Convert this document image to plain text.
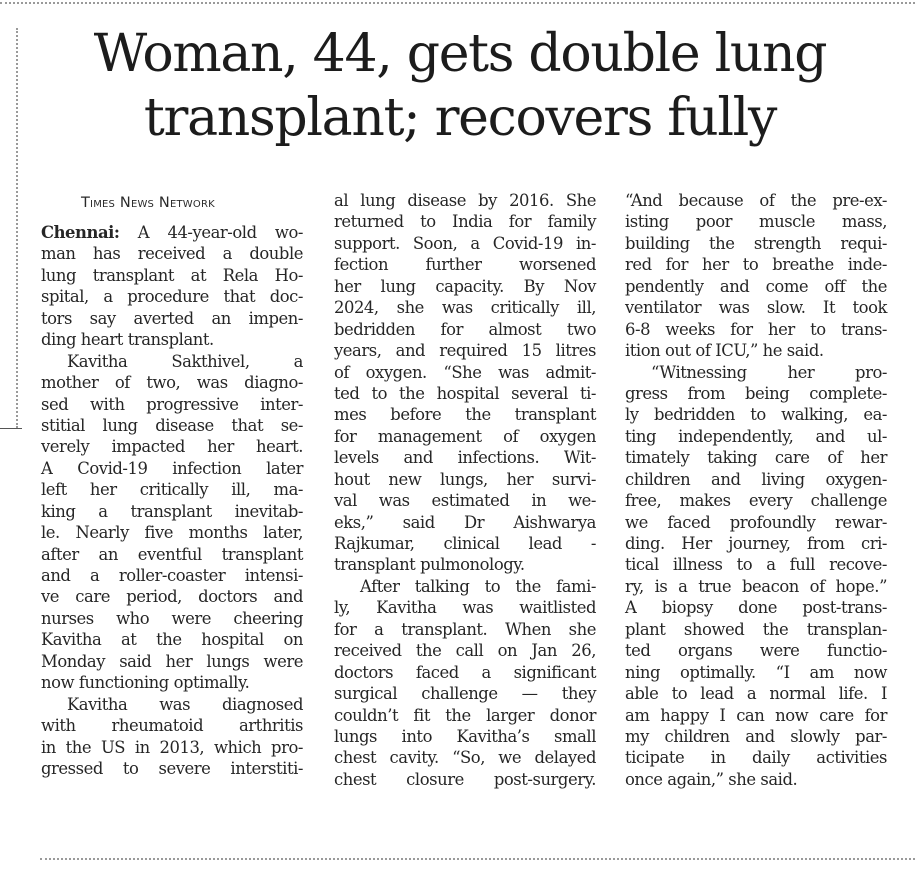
Woman, 44, gets double lung transplant; recovers fully
Times News Network
Chennai: A 44-year-old wo-
man has received a double
lung transplant at Rela Ho-
spital, a procedure that doc-
tors say averted an impen-
ding heart transplant.
Kavitha Sakthivel, a
mother of two, was diagno-
sed with progressive inter-
stitial lung disease that se-
verely impacted her heart.
A Covid-19 infection later
left her critically ill, ma-
king a transplant inevitab-
le. Nearly five months later,
after an eventful transplant
and a roller-coaster intensi-
ve care period, doctors and
nurses who were cheering
Kavitha at the hospital on
Monday said her lungs were
now functioning optimally.
Kavitha was diagnosed
with rheumatoid arthritis
in the US in 2013, which pro-
gressed to severe interstiti-
al lung disease by 2016. She
returned to India for family
support. Soon, a Covid-19 in-
fection further worsened
her lung capacity. By Nov
2024, she was critically ill,
bedridden for almost two
years, and required 15 litres
of oxygen. “She was admit-
ted to the hospital several ti-
mes before the transplant
for management of oxygen
levels and infections. Wit-
hout new lungs, her survi-
val was estimated in we-
eks,” said Dr Aishwarya
Rajkumar, clinical lead -
transplant pulmonology.
After talking to the fami-
ly, Kavitha was waitlisted
for a transplant. When she
received the call on Jan 26,
doctors faced a significant
surgical challenge — they
couldn’t fit the larger donor
lungs into Kavitha’s small
chest cavity. “So, we delayed
chest closure post-surgery.
“And because of the pre-ex-
isting poor muscle mass,
building the strength requi-
red for her to breathe inde-
pendently and come off the
ventilator was slow. It took
6-8 weeks for her to trans-
ition out of ICU,” he said.
“Witnessing her pro-
gress from being complete-
ly bedridden to walking, ea-
ting independently, and ul-
timately taking care of her
children and living oxygen-
free, makes every challenge
we faced profoundly rewar-
ding. Her journey, from cri-
tical illness to a full recove-
ry, is a true beacon of hope.”
A biopsy done post-trans-
plant showed the transplan-
ted organs were functio-
ning optimally. “I am now
able to lead a normal life. I
am happy I can now care for
my children and slowly par-
ticipate in daily activities
once again,” she said.
